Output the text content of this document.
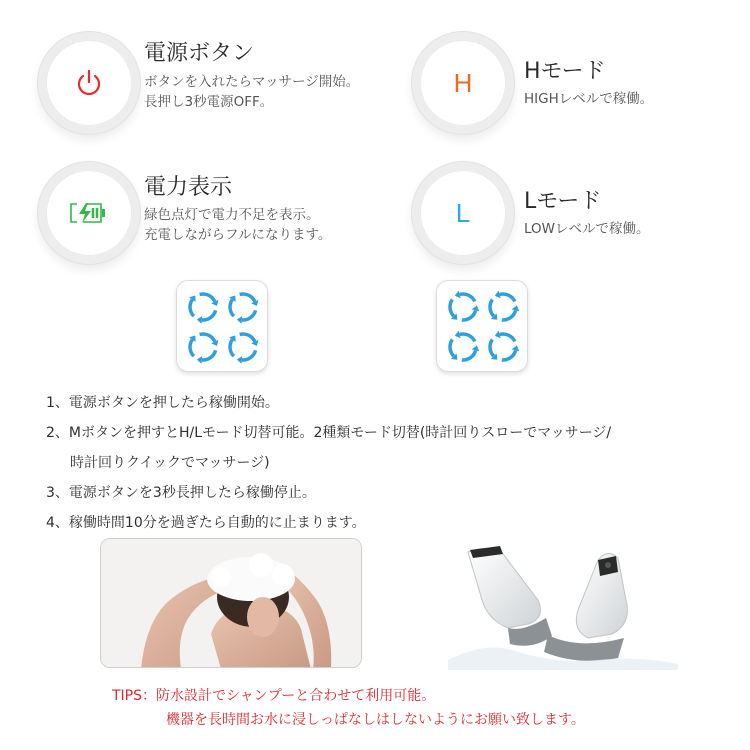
電源ボタン
ボタンを入れたらマッサージ開始。
長押し3秒電源OFF。
H Hモード
HIGHレベルで稼働。
電力表示
緑色点灯で電力不足を表示。
充電しながらフルになります。
L Lモード
LOWレベルで稼働。
1、電源ボタンを押したら稼働開始。
2、Mボタンを押すとH/Lモード切替可能。2種類モード切替(時計回りスローでマッサージ/
時計回りクイックでマッサージ)
3、電源ボタンを3秒長押したら稼働停止。
4、稼働時間10分を過ぎたら自動的に止まります。
TIPS：防水設計でシャンプーと合わせて利用可能。
機器を長時間お水に浸しっぱなしはしないようにお願い致します。
